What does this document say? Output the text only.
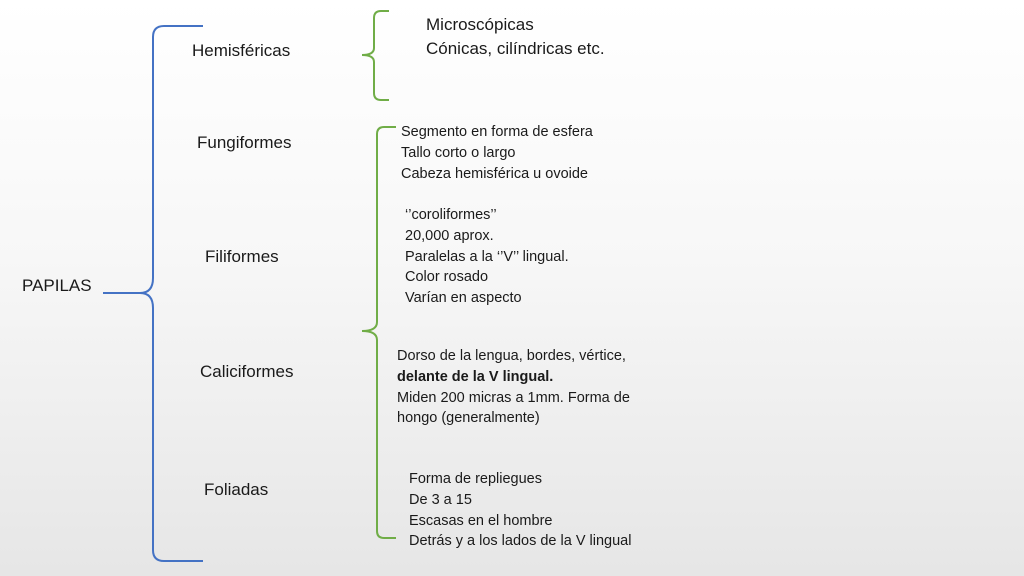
PAPILAS
Hemisféricas
Fungiformes
Filiformes
Caliciformes
Foliadas
Microscópicas
Cónicas, cilíndricas etc.
Segmento en forma de esfera
Tallo corto o largo
Cabeza hemisférica u ovoide
‘’coroliformes’’
20,000 aprox.
Paralelas a la ‘’V’’ lingual.
Color rosado
Varían en aspecto
Dorso de la lengua, bordes, vértice,
delante de la V lingual.
Miden 200 micras a 1mm. Forma de
hongo (generalmente)
Forma de repliegues
De 3 a 15
Escasas en el hombre
Detrás y a los lados de la V lingual
